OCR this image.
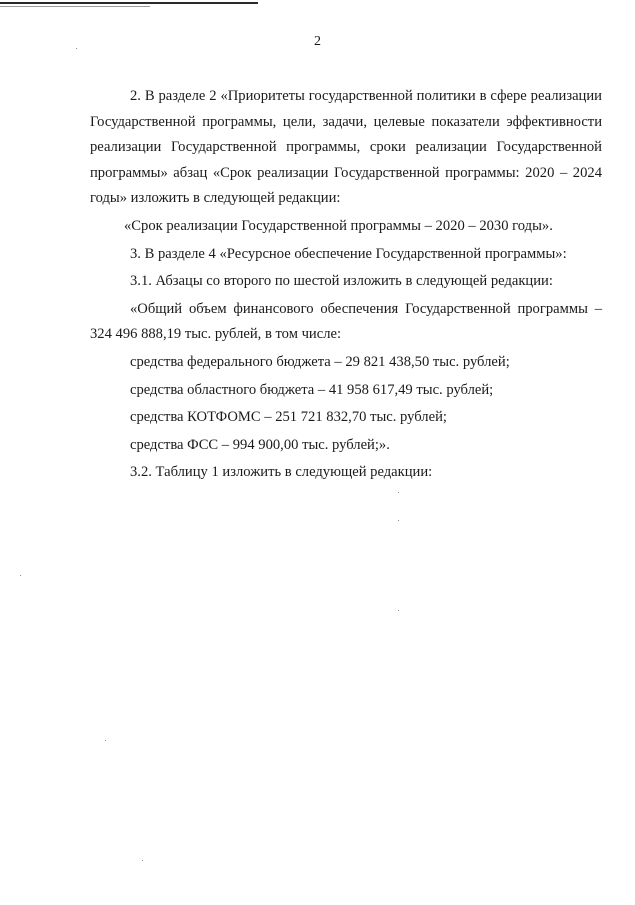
2

2. В разделе 2 «Приоритеты государственной политики в сфере реализации Государственной программы, цели, задачи, целевые показатели эффективности реализации Государственной программы, сроки реализации Государственной программы» абзац «Срок реализации Государственной программы: 2020 – 2024 годы» изложить в следующей редакции:

«Срок реализации Государственной программы – 2020 – 2030 годы».

3. В разделе 4 «Ресурсное обеспечение Государственной программы»:

3.1. Абзацы со второго по шестой изложить в следующей редакции:

«Общий объем финансового обеспечения Государственной программы – 324 496 888,19 тыс. рублей, в том числе:

средства федерального бюджета – 29 821 438,50 тыс. рублей;

средства областного бюджета – 41 958 617,49 тыс. рублей;

средства КОТФОМС – 251 721 832,70 тыс. рублей;

средства ФСС – 994 900,00 тыс. рублей;».

3.2. Таблицу 1 изложить в следующей редакции:
